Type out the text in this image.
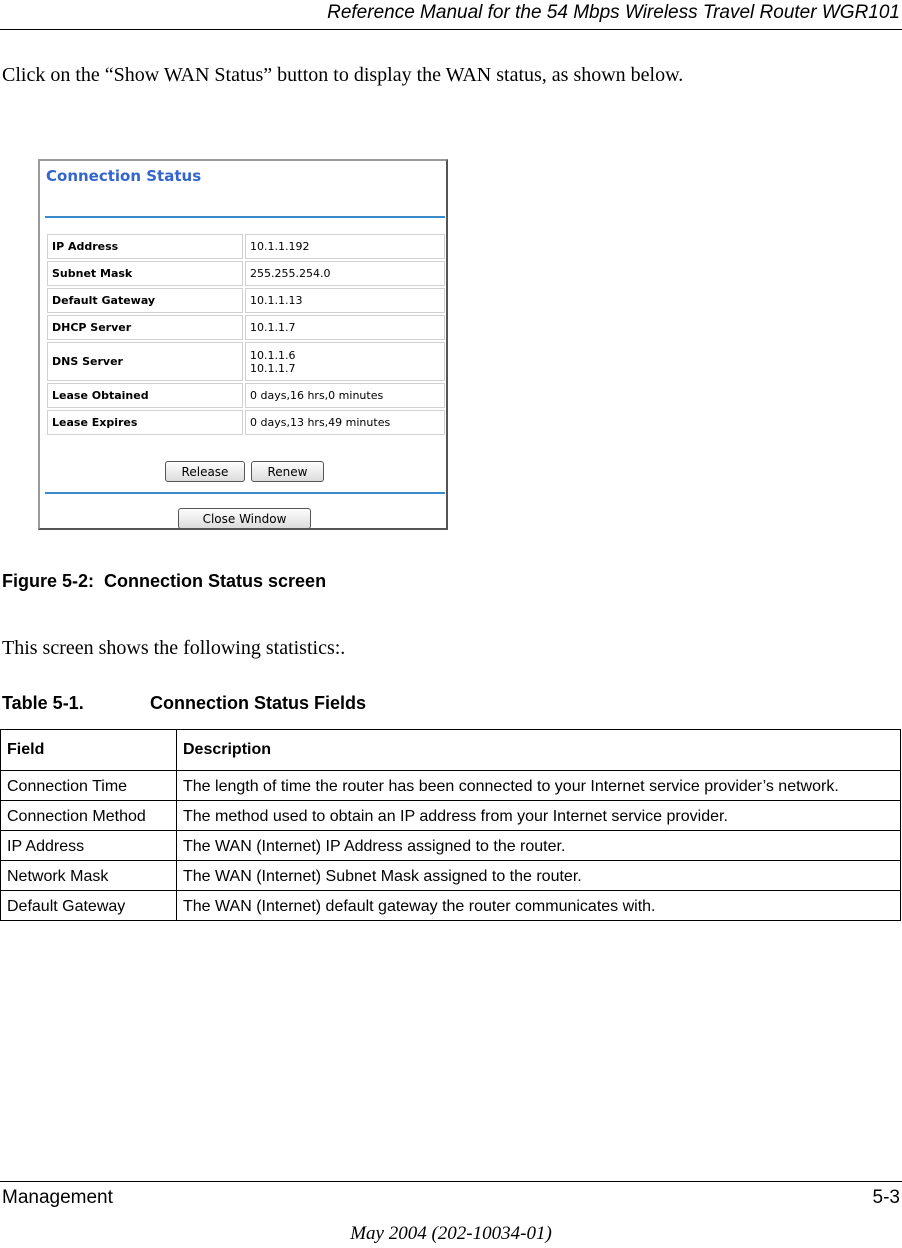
Reference Manual for the 54 Mbps Wireless Travel Router WGR101
Click on the “Show WAN Status” button to display the WAN status, as shown below.
Connection Status
IP Address	10.1.1.192
Subnet Mask	255.255.254.0
Default Gateway	10.1.1.13
DHCP Server	10.1.1.7
DNS Server	10.1.1.6
10.1.1.7

Lease Obtained	0 days,16 hrs,0 minutes
Lease Expires	0 days,13 hrs,49 minutes
Release	Renew
Close Window
Figure 5-2:  Connection Status screen
This screen shows the following statistics:.
Table 5-1.	Connection Status Fields
Field	Description
Connection Time	The length of time the router has been connected to your Internet service provider’s network.
Connection Method	The method used to obtain an IP address from your Internet service provider.
IP Address	The WAN (Internet) IP Address assigned to the router.
Network Mask	The WAN (Internet) Subnet Mask assigned to the router.
Default Gateway	The WAN (Internet) default gateway the router communicates with.
Management	5-3
May 2004 (202-10034-01)
